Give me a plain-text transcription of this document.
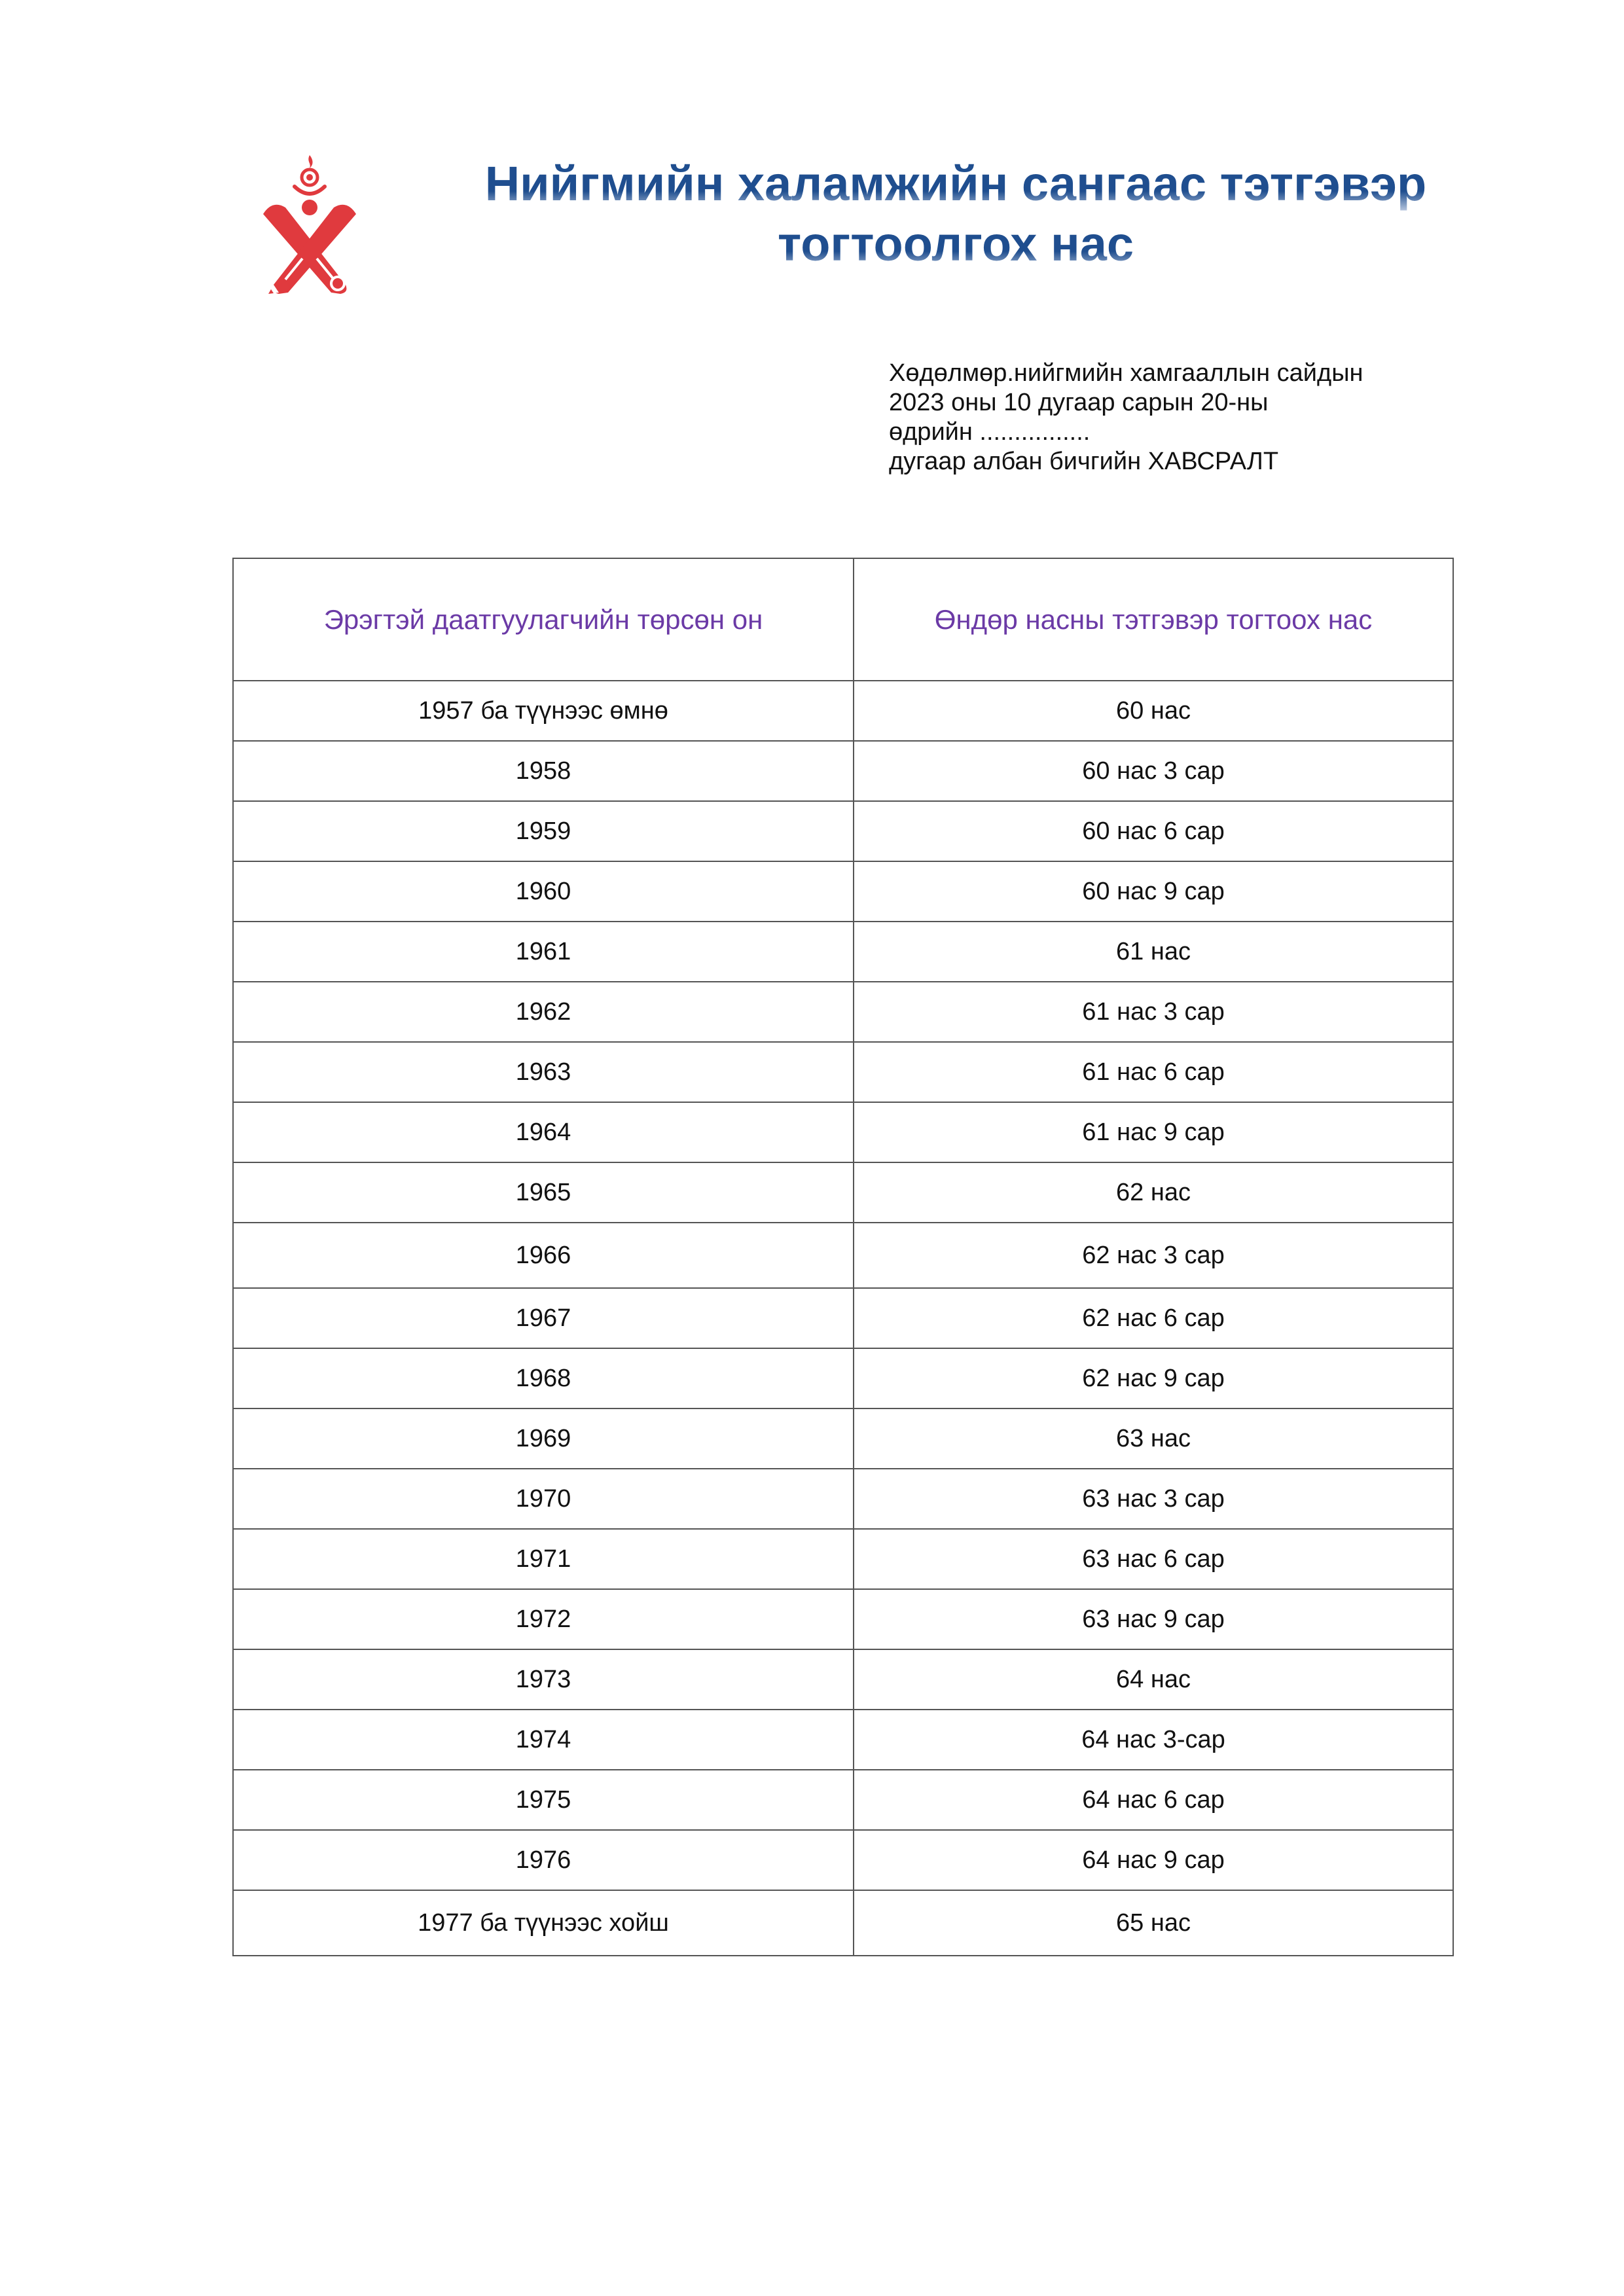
Нийгмийн халамжийн сангаас тэтгэвэр
тогтоолгох нас
Хөдөлмөр.нийгмийн хамгааллын сайдын
2023 оны 10 дугаар сарын 20-ны
өдрийн ................
дугаар албан бичгийн ХАВСРАЛТ
Эрэгтэй даатгуулагчийн төрсөн он	Өндөр насны тэтгэвэр тогтоох нас
1957 ба түүнээс өмнө	60 нас
1958	60 нас 3 сар
1959	60 нас 6 сар
1960	60 нас 9 сар
1961	61 нас
1962	61 нас 3 сар
1963	61 нас 6 сар
1964	61 нас 9 сар
1965	62 нас
1966	62 нас 3 сар
1967	62 нас 6 сар
1968	62 нас 9 сар
1969	63 нас
1970	63 нас 3 сар
1971	63 нас 6 сар
1972	63 нас 9 сар
1973	64 нас
1974	64 нас 3-сар
1975	64 нас 6 сар
1976	64 нас 9 сар
1977 ба түүнээс хойш	65 нас
